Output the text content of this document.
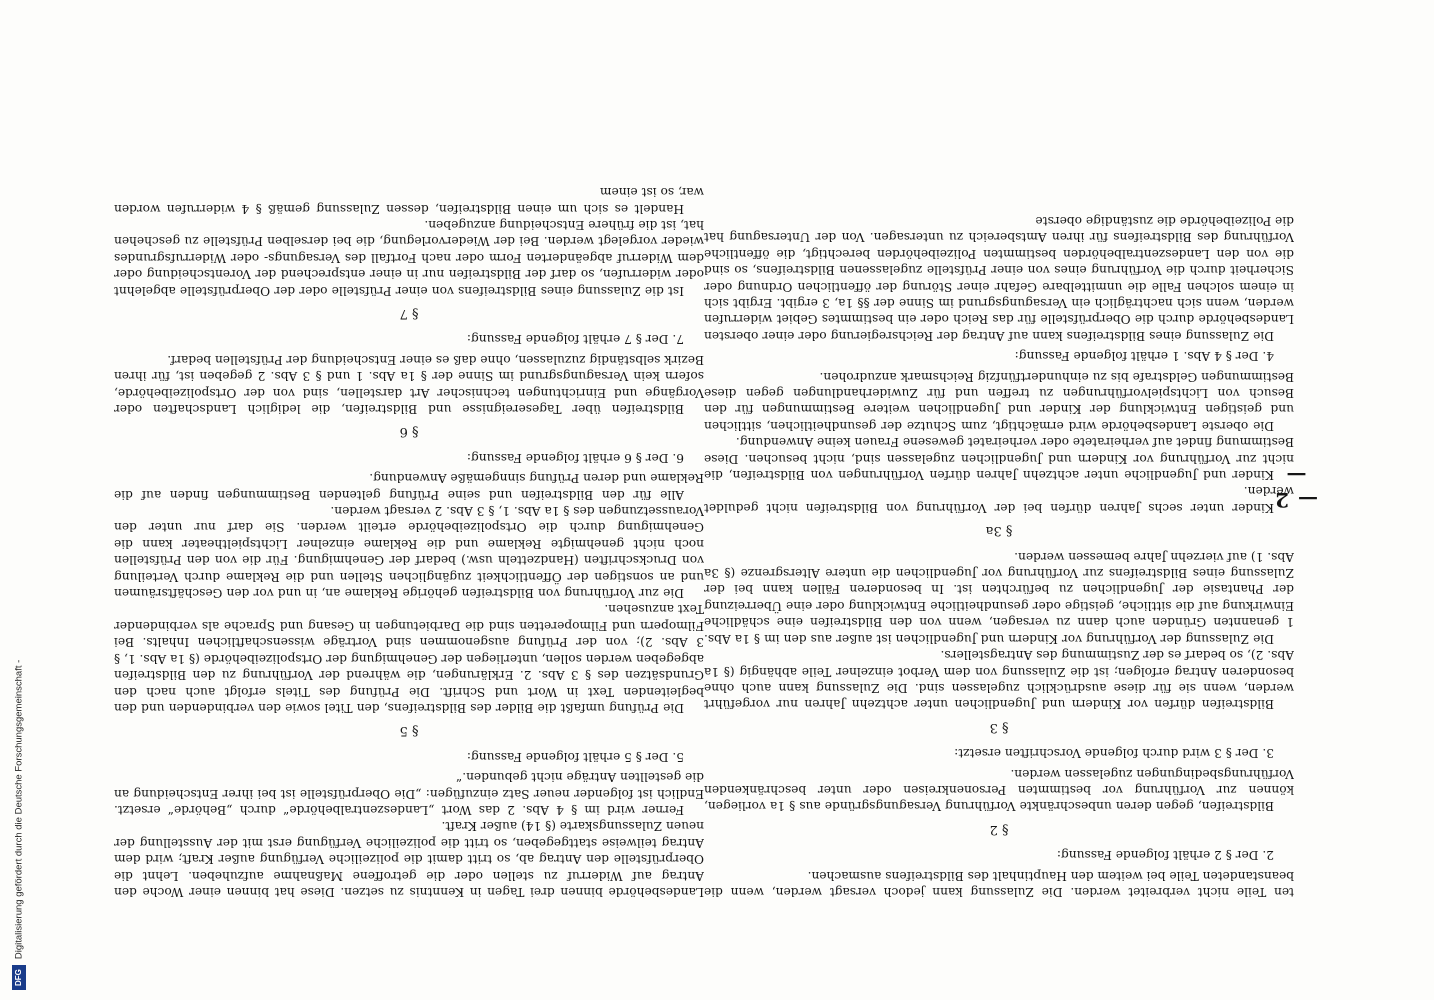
DFGDigitalisierung gefördert durch die Deutsche Forschungsgemeinschaft -
— 2 —

ten Teile nicht verbreitet werden. Die Zulassung kann jedoch versagt werden, wenn die beanstandeten Teile bei weitem den Hauptinhalt des Bildstreifens ausmachen.

2. Der § 2 erhält folgende Fassung:

§ 2

Bildstreifen, gegen deren unbeschränkte Vorführung Versagungsgründe aus § 1a vorliegen, können zur Vorführung vor bestimmten Personenkreisen oder unter beschränkenden Vorführungsbedingungen zugelassen werden.

3. Der § 3 wird durch folgende Vorschriften ersetzt:

§ 3

Bildstreifen dürfen vor Kindern und Jugendlichen unter achtzehn Jahren nur vorgeführt werden, wenn sie für diese ausdrücklich zugelassen sind. Die Zulassung kann auch ohne besonderen Antrag erfolgen; ist die Zulassung von dem Verbot einzelner Teile abhängig (§ 1a Abs. 2), so bedarf es der Zustimmung des Antragstellers.

Die Zulassung der Vorführung vor Kindern und Jugendlichen ist außer aus den im § 1a Abs. 1 genannten Gründen auch dann zu versagen, wenn von den Bildstreifen eine schädliche Einwirkung auf die sittliche, geistige oder gesundheitliche Entwicklung oder eine Überreizung der Phantasie der Jugendlichen zu befürchten ist. In besonderen Fällen kann bei der Zulassung eines Bildstreifens zur Vorführung vor Jugendlichen die untere Altersgrenze (§ 3a Abs. 1) auf vierzehn Jahre bemessen werden.

§ 3a

Kinder unter sechs Jahren dürfen bei der Vorführung von Bildstreifen nicht geduldet werden.

Kinder und Jugendliche unter achtzehn Jahren dürfen Vorführungen von Bildstreifen, die nicht zur Vorführung vor Kindern und Jugendlichen zugelassen sind, nicht besuchen. Diese Bestimmung findet auf verheiratete oder verheiratet gewesene Frauen keine Anwendung.

Die oberste Landesbehörde wird ermächtigt, zum Schutze der gesundheitlichen, sittlichen und geistigen Entwicklung der Kinder und Jugendlichen weitere Bestimmungen für den Besuch von Lichtspielvorführungen zu treffen und für Zuwiderhandlungen gegen diese Bestimmungen Geldstrafe bis zu einhundertfünfzig Reichsmark anzudrohen.

4. Der § 4 Abs. 1 erhält folgende Fassung:

Die Zulassung eines Bildstreifens kann auf Antrag der Reichsregierung oder einer obersten Landesbehörde durch die Oberprüfstelle für das Reich oder ein bestimmtes Gebiet widerrufen werden, wenn sich nachträglich ein Versagungsgrund im Sinne der §§ 1a, 3 ergibt. Ergibt sich in einem solchen Falle die unmittelbare Gefahr einer Störung der öffentlichen Ordnung oder Sicherheit durch die Vorführung eines von einer Prüfstelle zugelassenen Bildstreifens, so sind die von den Landeszentralbehörden bestimmten Polizeibehörden berechtigt, die öffentliche Vorführung des Bildstreifens für ihren Amtsbereich zu untersagen. Von der Untersagung hat die Polizeibehörde die zuständige oberste

Landesbehörde binnen drei Tagen in Kenntnis zu setzen. Diese hat binnen einer Woche den Antrag auf Widerruf zu stellen oder die getroffene Maßnahme aufzuheben. Lehnt die Oberprüfstelle den Antrag ab, so tritt damit die polizeiliche Verfügung außer Kraft; wird dem Antrag teilweise stattgegeben, so tritt die polizeiliche Verfügung erst mit der Ausstellung der neuen Zulassungskarte (§ 14) außer Kraft.

Ferner wird im § 4 Abs. 2 das Wort „Landeszentralbehörde“ durch „Behörde“ ersetzt. Endlich ist folgender neuer Satz einzufügen: „Die Oberprüfstelle ist bei ihrer Entscheidung an die gestellten Anträge nicht gebunden.“

5. Der § 5 erhält folgende Fassung:

§ 5

Die Prüfung umfaßt die Bilder des Bildstreifens, den Titel sowie den verbindenden und den begleitenden Text in Wort und Schrift. Die Prüfung des Titels erfolgt auch nach den Grundsätzen des § 3 Abs. 2. Erklärungen, die während der Vorführung zu den Bildstreifen abgegeben werden sollen, unterliegen der Genehmigung der Ortspolizeibehörde (§ 1a Abs. 1, § 3 Abs. 2); von der Prüfung ausgenommen sind Vorträge wissenschaftlichen Inhalts. Bei Filmopern und Filmoperetten sind die Darbietungen in Gesang und Sprache als verbindender Text anzusehen.

Die zur Vorführung von Bildstreifen gehörige Reklame an, in und vor den Geschäftsräumen und an sonstigen der Öffentlichkeit zugänglichen Stellen und die Reklame durch Verteilung von Druckschriften (Handzetteln usw.) bedarf der Genehmigung. Für die von den Prüfstellen noch nicht genehmigte Reklame und die Reklame einzelner Lichtspieltheater kann die Genehmigung durch die Ortspolizeibehörde erteilt werden. Sie darf nur unter den Voraussetzungen des § 1a Abs. 1, § 3 Abs. 2 versagt werden.

Alle für den Bildstreifen und seine Prüfung geltenden Bestimmungen finden auf die Reklame und deren Prüfung sinngemäße Anwendung.

6. Der § 6 erhält folgende Fassung:

§ 6

Bildstreifen über Tagesereignisse und Bildstreifen, die lediglich Landschaften oder Vorgänge und Einrichtungen technischer Art darstellen, sind von der Ortspolizeibehörde, sofern kein Versagungsgrund im Sinne der § 1a Abs. 1 und § 3 Abs. 2 gegeben ist, für ihren Bezirk selbständig zuzulassen, ohne daß es einer Entscheidung der Prüfstellen bedarf.

7. Der § 7 erhält folgende Fassung:

§ 7

Ist die Zulassung eines Bildstreifens von einer Prüfstelle oder der Oberprüfstelle abgelehnt oder widerrufen, so darf der Bildstreifen nur in einer entsprechend der Vorentscheidung oder dem Widerruf abgeänderten Form oder nach Fortfall des Versagungs- oder Widerrufsgrundes wieder vorgelegt werden. Bei der Wiedervorlegung, die bei derselben Prüfstelle zu geschehen hat, ist die frühere Entscheidung anzugeben.

Handelt es sich um einen Bildstreifen, dessen Zulassung gemäß § 4 widerrufen worden war, so ist einem
